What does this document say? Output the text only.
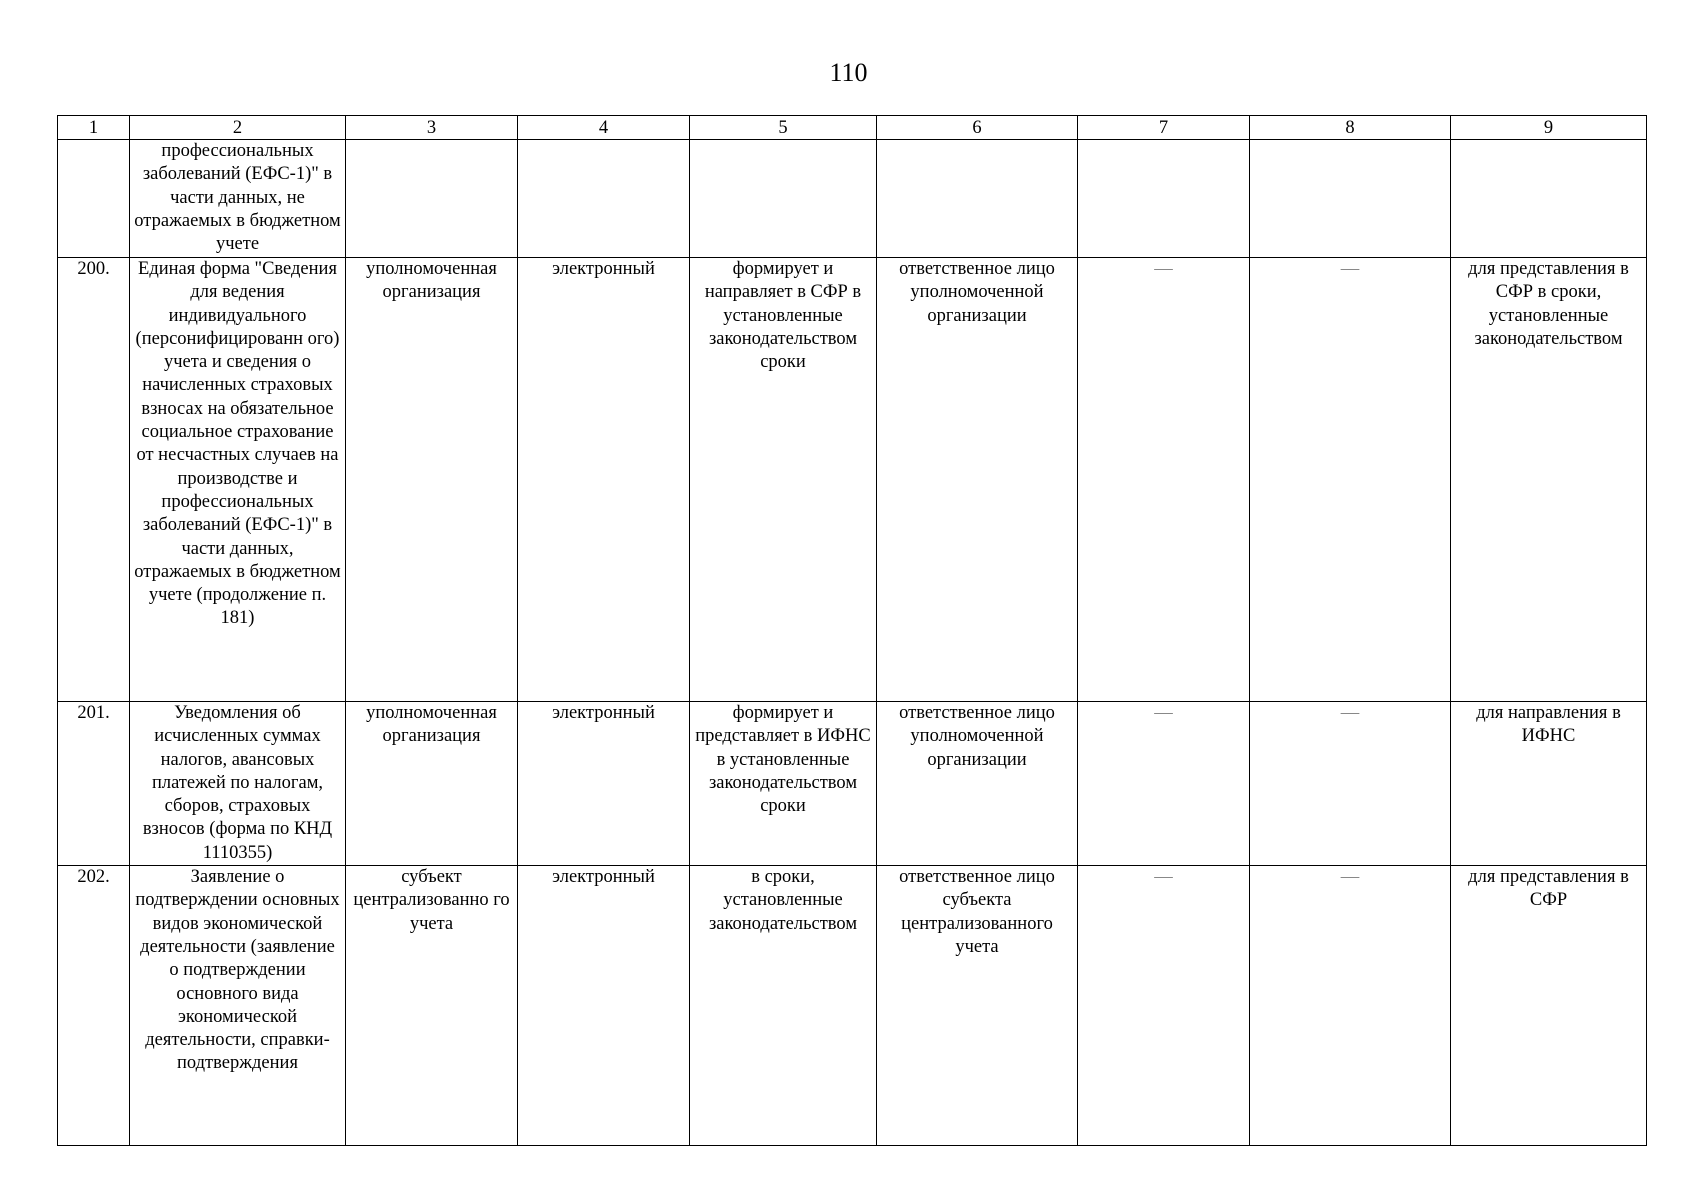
110
1	2	3	4	5	6	7	8	9
	профессиональных заболеваний (ЕФС-1)" в части данных, не отражаемых в бюджетном учете							
200.	Единая форма "Сведения для ведения индивидуального (персонифицированн ого) учета и сведения о начисленных страховых взносах на обязательное социальное страхование от несчастных случаев на производстве и профессиональных заболеваний (ЕФС-1)" в части данных, отражаемых в бюджетном учете (продолжение п. 181)	уполномоченная организация	электронный	формирует и направляет в СФР в установленные законодательством сроки	ответственное лицо уполномоченной организации	—	—	для представления в СФР в сроки, установленные законодательством
201.	Уведомления об исчисленных суммах налогов, авансовых платежей по налогам, сборов, страховых взносов (форма по КНД 1110355)	уполномоченная организация	электронный	формирует и представляет в ИФНС в установленные законодательством сроки	ответственное лицо уполномоченной организации	—	—	для направления в ИФНС
202.	Заявление о подтверждении основных видов экономической деятельности (заявление о подтверждении основного вида экономической деятельности, справки-подтверждения	субъект централизованно го учета	электронный	в сроки, установленные законодательством	ответственное лицо субъекта централизованного учета	—	—	для представления в СФР
